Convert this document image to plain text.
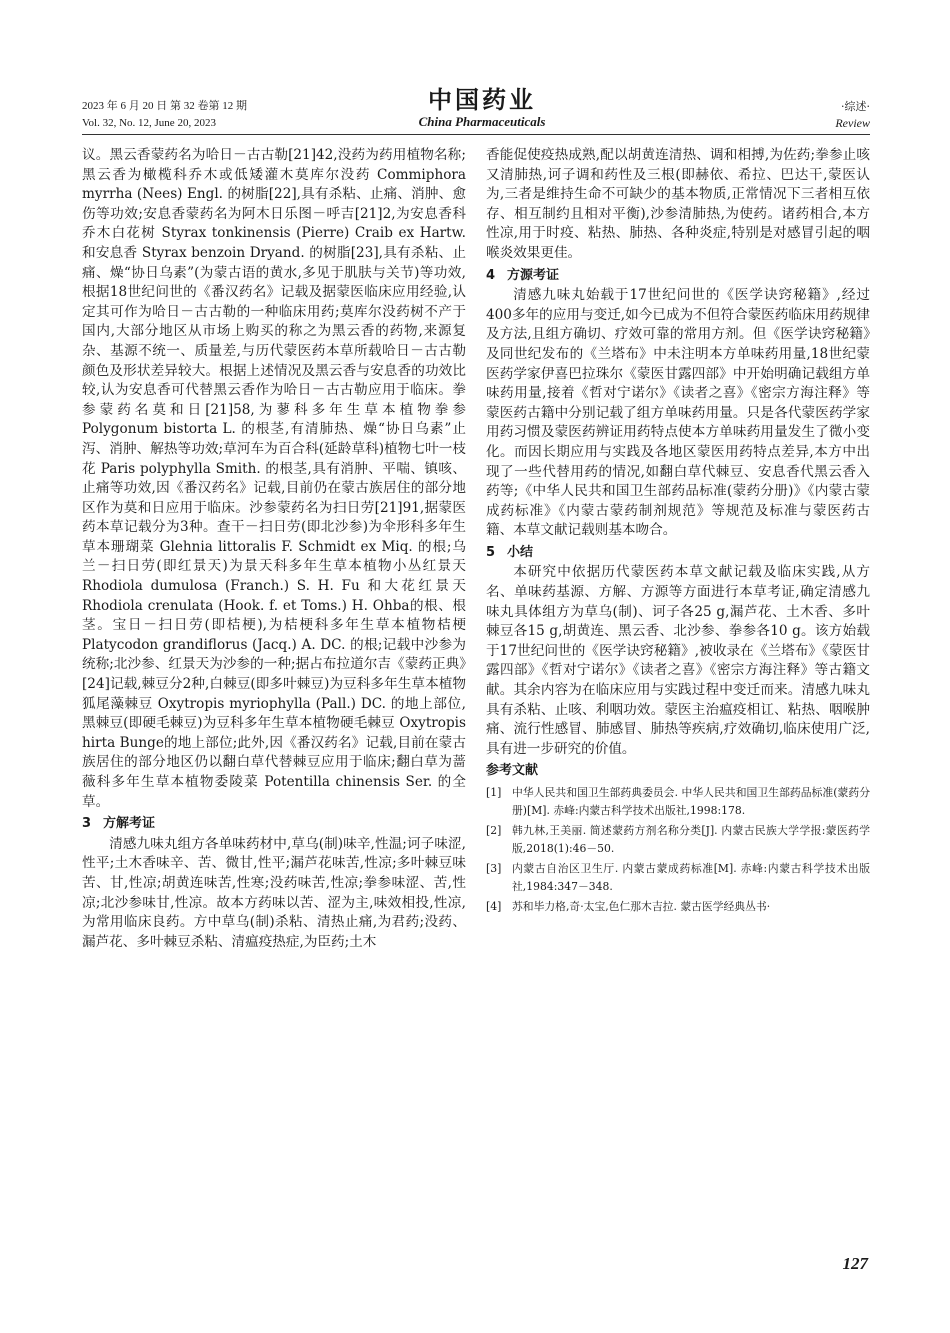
2023 年 6 月 20 日 第 32 卷第 12 期
Vol. 32, No. 12, June 20, 2023
中国药业
China Pharmaceuticals
·综述·
Review

议。黑云香蒙药名为哈日－古古勒[21]42,没药为药用植物名称;黑云香为橄榄科乔木或低矮灌木莫库尔没药 Commiphora myrrha (Nees) Engl. 的树脂[22],具有杀粘、止痛、消肿、愈伤等功效;安息香蒙药名为阿木日乐图－呼吉[21]2,为安息香科乔木白花树 Styrax tonkinensis (Pierre) Craib ex Hartw. 和安息香 Styrax benzoin Dryand. 的树脂[23],具有杀粘、止痛、燥“协日乌素”(为蒙古语的黄水,多见于肌肤与关节)等功效,根据18世纪问世的《番汉药名》记载及据蒙医临床应用经验,认定其可作为哈日－古古勒的一种临床用药;莫库尔没药树不产于国内,大部分地区从市场上购买的称之为黑云香的药物,来源复杂、基源不统一、质量差,与历代蒙医药本草所载哈日－古古勒颜色及形状差异较大。根据上述情况及黑云香与安息香的功效比较,认为安息香可代替黑云香作为哈日－古古勒应用于临床。拳参蒙药名莫和日[21]58,为蓼科多年生草本植物拳参 Polygonum bistorta L. 的根茎,有清肺热、燥“协日乌素”止泻、消肿、解热等功效;草河车为百合科(延龄草科)植物七叶一枝花 Paris polyphylla Smith. 的根茎,具有消肿、平喘、镇咳、止痛等功效,因《番汉药名》记载,目前仍在蒙古族居住的部分地区作为莫和日应用于临床。沙参蒙药名为扫日劳[21]91,据蒙医药本草记载分为3种。查干－扫日劳(即北沙参)为伞形科多年生草本珊瑚菜 Glehnia littoralis F. Schmidt ex Miq. 的根;乌兰－扫日劳(即红景天)为景天科多年生草本植物小丛红景天 Rhodiola dumulosa (Franch.) S. H. Fu 和大花红景天 Rhodiola crenulata (Hook. f. et Toms.) H. Ohba的根、根茎。宝日－扫日劳(即桔梗),为桔梗科多年生草本植物桔梗 Platycodon grandiflorus (Jacq.) A. DC. 的根;记载中沙参为统称;北沙参、红景天为沙参的一种;据占布拉道尔吉《蒙药正典》[24]记载,棘豆分2种,白棘豆(即多叶棘豆)为豆科多年生草本植物狐尾藻棘豆 Oxytropis myriophylla (Pall.) DC. 的地上部位,黑棘豆(即硬毛棘豆)为豆科多年生草本植物硬毛棘豆 Oxytropis hirta Bunge的地上部位;此外,因《番汉药名》记载,目前在蒙古族居住的部分地区仍以翻白草代替棘豆应用于临床;翻白草为蔷薇科多年生草本植物委陵菜 Potentilla chinensis Ser. 的全草。

3 方解考证

清感九味丸组方各单味药材中,草乌(制)味辛,性温;诃子味涩,性平;土木香味辛、苦、微甘,性平;漏芦花味苦,性凉;多叶棘豆味苦、甘,性凉;胡黄连味苦,性寒;没药味苦,性凉;拳参味涩、苦,性凉;北沙参味甘,性凉。故本方药味以苦、涩为主,味效相投,性凉,为常用临床良药。方中草乌(制)杀粘、清热止痛,为君药;没药、漏芦花、多叶棘豆杀粘、清瘟疫热症,为臣药;土木

香能促使疫热成熟,配以胡黄连清热、调和相搏,为佐药;拳参止咳又清肺热,诃子调和药性及三根(即赫依、希拉、巴达干,蒙医认为,三者是维持生命不可缺少的基本物质,正常情况下三者相互依存、相互制约且相对平衡),沙参清肺热,为使药。诸药相合,本方性凉,用于时疫、粘热、肺热、各种炎症,特别是对感冒引起的咽喉炎效果更佳。

4 方源考证

清感九味丸始载于17世纪问世的《医学诀窍秘籍》,经过400多年的应用与变迁,如今已成为不但符合蒙医药临床用药规律及方法,且组方确切、疗效可靠的常用方剂。但《医学诀窍秘籍》及同世纪发布的《兰塔布》中未注明本方单味药用量,18世纪蒙医药学家伊喜巴拉珠尔《蒙医甘露四部》中开始明确记载组方单味药用量,接着《哲对宁诺尔》《读者之喜》《密宗方海注释》等蒙医药古籍中分别记载了组方单味药用量。只是各代蒙医药学家用药习惯及蒙医药辨证用药特点使本方单味药用量发生了微小变化。而因长期应用与实践及各地区蒙医用药特点差异,本方中出现了一些代替用药的情况,如翻白草代棘豆、安息香代黑云香入药等;《中华人民共和国卫生部药品标准(蒙药分册)》《内蒙古蒙成药标准》《内蒙古蒙药制剂规范》等规范及标准与蒙医药古籍、本草文献记载则基本吻合。

5 小结

本研究中依据历代蒙医药本草文献记载及临床实践,从方名、单味药基源、方解、方源等方面进行本草考证,确定清感九味丸具体组方为草乌(制)、诃子各25 g,漏芦花、土木香、多叶棘豆各15 g,胡黄连、黑云香、北沙参、拳参各10 g。该方始载于17世纪问世的《医学诀窍秘籍》,被收录在《兰塔布》《蒙医甘露四部》《哲对宁诺尔》《读者之喜》《密宗方海注释》等古籍文献。其余内容为在临床应用与实践过程中变迁而来。清感九味丸具有杀粘、止咳、利咽功效。蒙医主治瘟疫相讧、粘热、咽喉肿痛、流行性感冒、肺感冒、肺热等疾病,疗效确切,临床使用广泛,具有进一步研究的价值。

参考文献
[1] 中华人民共和国卫生部药典委员会. 中华人民共和国卫生部药品标准(蒙药分册)[M]. 赤峰:内蒙古科学技术出版社,1998:178.
[2] 韩九林,王美丽. 简述蒙药方剂名称分类[J]. 内蒙古民族大学学报:蒙医药学版,2018(1):46－50.
[3] 内蒙古自治区卫生厅. 内蒙古蒙成药标准[M]. 赤峰:内蒙古科学技术出版社,1984:347－348.
[4] 苏和毕力格,奇·太宝,色仁那木吉拉. 蒙古医学经典丛书·
127
